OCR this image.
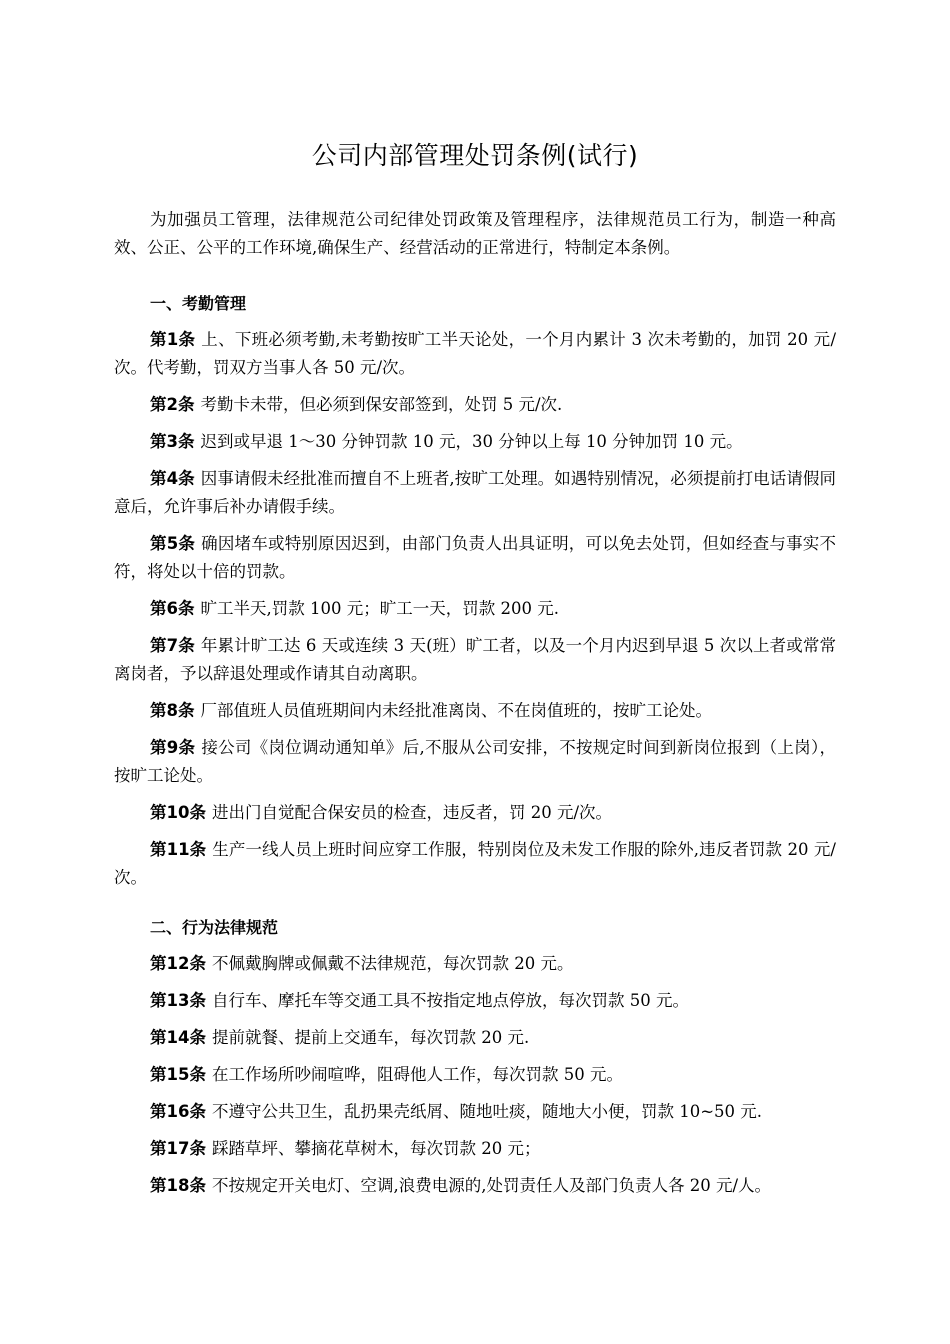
公司内部管理处罚条例(试行)

为加强员工管理，法律规范公司纪律处罚政策及管理程序，法律规范员工行为，制造一种高效、公正、公平的工作环境,确保生产、经营活动的正常进行，特制定本条例。

一、考勤管理

第1条 上、下班必须考勤,未考勤按旷工半天论处，一个月内累计 3 次未考勤的，加罚 20 元/次。代考勤，罚双方当事人各 50 元/次。

第2条 考勤卡未带，但必须到保安部签到，处罚 5 元/次.

第3条 迟到或早退 1～30 分钟罚款 10 元，30 分钟以上每 10 分钟加罚 10 元。

第4条 因事请假未经批准而擅自不上班者,按旷工处理。如遇特别情况，必须提前打电话请假同意后，允许事后补办请假手续。

第5条 确因堵车或特别原因迟到，由部门负责人出具证明，可以免去处罚，但如经查与事实不符，将处以十倍的罚款。

第6条 旷工半天,罚款 100 元；旷工一天，罚款 200 元.

第7条 年累计旷工达 6 天或连续 3 天(班）旷工者，以及一个月内迟到早退 5 次以上者或常常离岗者，予以辞退处理或作请其自动离职。

第8条 厂部值班人员值班期间内未经批准离岗、不在岗值班的，按旷工论处。

第9条 接公司《岗位调动通知单》后,不服从公司安排，不按规定时间到新岗位报到（上岗），按旷工论处。

第10条 进出门自觉配合保安员的检查，违反者，罚 20 元/次。

第11条 生产一线人员上班时间应穿工作服，特别岗位及未发工作服的除外,违反者罚款 20 元/次。

二、行为法律规范

第12条 不佩戴胸牌或佩戴不法律规范，每次罚款 20 元。

第13条 自行车、摩托车等交通工具不按指定地点停放，每次罚款 50 元。

第14条 提前就餐、提前上交通车，每次罚款 20 元.

第15条 在工作场所吵闹喧哗，阻碍他人工作，每次罚款 50 元。

第16条 不遵守公共卫生，乱扔果壳纸屑、随地吐痰，随地大小便，罚款 10~50 元.

第17条 踩踏草坪、攀摘花草树木，每次罚款 20 元；

第18条 不按规定开关电灯、空调,浪费电源的,处罚责任人及部门负责人各 20 元/人。
